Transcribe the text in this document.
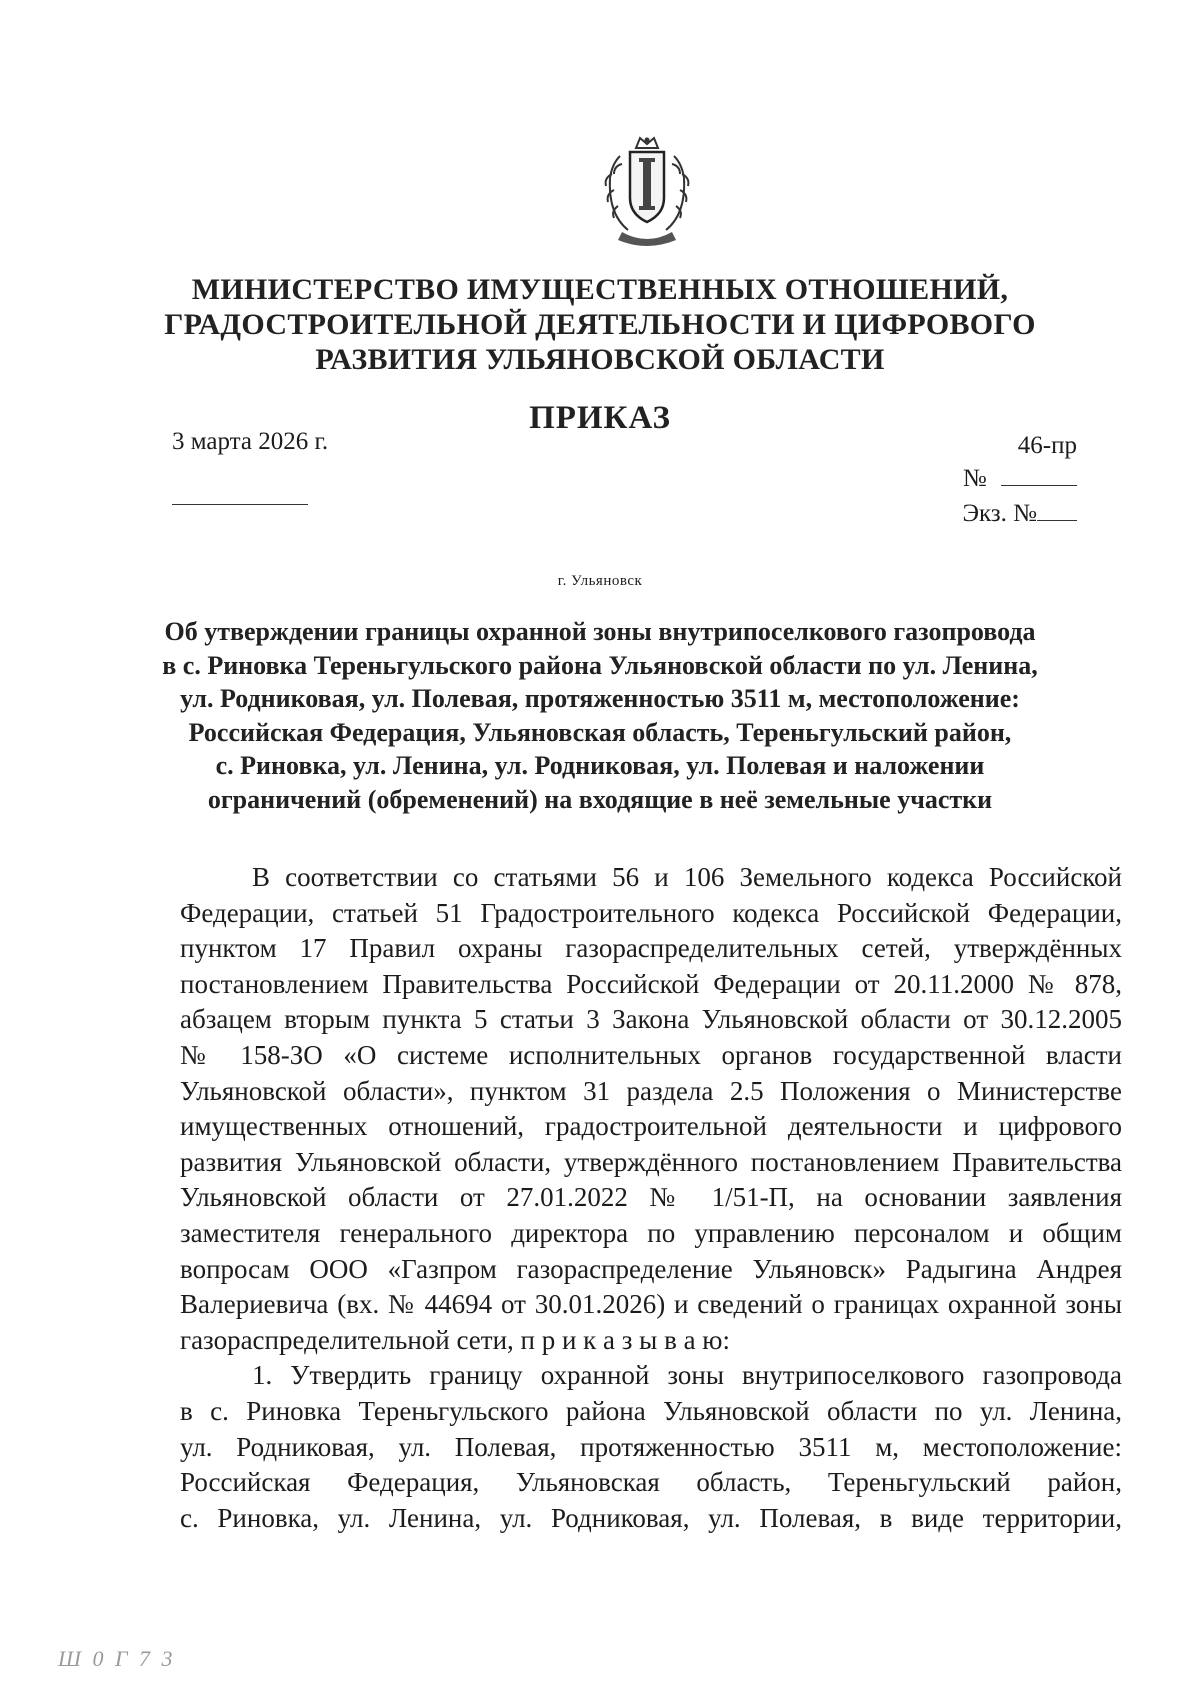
МИНИСТЕРСТВО ИМУЩЕСТВЕННЫХ ОТНОШЕНИЙ,
ГРАДОСТРОИТЕЛЬНОЙ ДЕЯТЕЛЬНОСТИ И ЦИФРОВОГО
РАЗВИТИЯ УЛЬЯНОВСКОЙ ОБЛАСТИ
ПРИКАЗ
3 марта 2026 г.	46-пр
№
Экз. №
г. Ульяновск
Об утверждении границы охранной зоны внутрипоселкового газопровода
в с. Риновка Тереньгульского района Ульяновской области по ул. Ленина,
ул. Родниковая, ул. Полевая, протяженностью 3511 м, местоположение:
Российская Федерация, Ульяновская область, Тереньгульский район,
с. Риновка, ул. Ленина, ул. Родниковая, ул. Полевая и наложении
ограничений (обременений) на входящие в неё земельные участки
В соответствии со статьями 56 и 106 Земельного кодекса Российской
Федерации, статьей 51 Градостроительного кодекса Российской Федерации,
пунктом 17 Правил охраны газораспределительных сетей, утверждённых
постановлением Правительства Российской Федерации от 20.11.2000 № 878,
абзацем вторым пункта 5 статьи 3 Закона Ульяновской области от 30.12.2005
№ 158-ЗО «О системе исполнительных органов государственной власти
Ульяновской области», пунктом 31 раздела 2.5 Положения о Министерстве
имущественных отношений, градостроительной деятельности и цифрового
развития Ульяновской области, утверждённого постановлением Правительства
Ульяновской области от 27.01.2022 № 1/51-П, на основании заявления
заместителя генерального директора по управлению персоналом и общим
вопросам ООО «Газпром газораспределение Ульяновск» Радыгина Андрея
Валериевича (вх. № 44694 от 30.01.2026) и сведений о границах охранной зоны
газораспределительной сети, п р и к а з ы в а ю:
1. Утвердить границу охранной зоны внутрипоселкового газопровода
в с. Риновка Тереньгульского района Ульяновской области по ул. Ленина,
ул. Родниковая, ул. Полевая, протяженностью 3511 м, местоположение:
Российская Федерация, Ульяновская область, Тереньгульский район,
с. Риновка, ул. Ленина, ул. Родниковая, ул. Полевая, в виде территории,
Ш 0 Г 7 3
